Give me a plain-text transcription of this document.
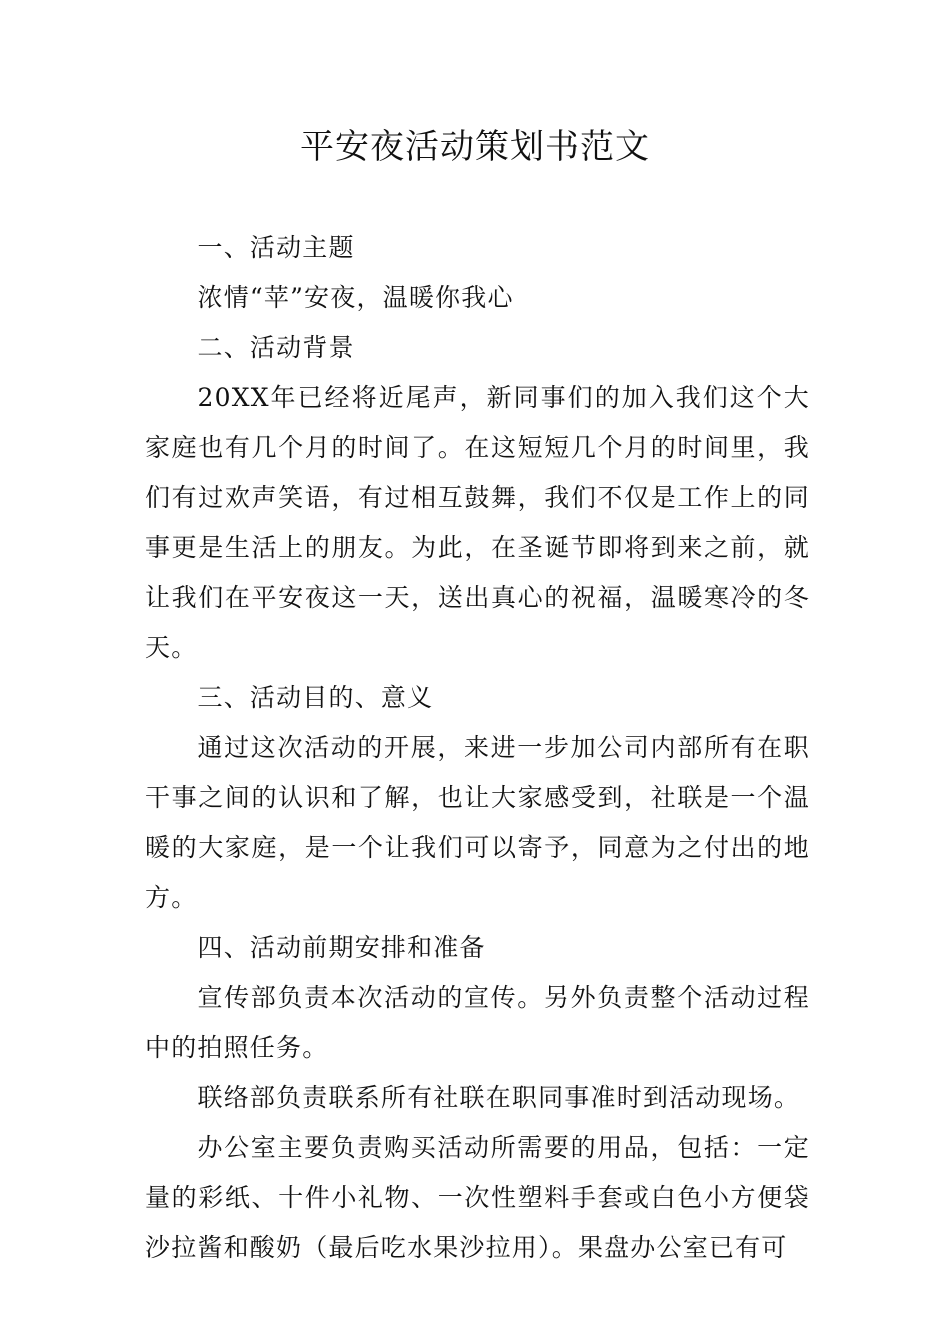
平安夜活动策划书范文

一、活动主题

浓情“苹”安夜，温暖你我心

二、活动背景

20XX年已经将近尾声，新同事们的加入我们这个大家庭也有几个月的时间了。在这短短几个月的时间里，我们有过欢声笑语，有过相互鼓舞，我们不仅是工作上的同事更是生活上的朋友。为此，在圣诞节即将到来之前，就让我们在平安夜这一天，送出真心的祝福，温暖寒冷的冬天。

三、活动目的、意义

通过这次活动的开展，来进一步加公司内部所有在职干事之间的认识和了解，也让大家感受到，社联是一个温暖的大家庭，是一个让我们可以寄予，同意为之付出的地方。

四、活动前期安排和准备

宣传部负责本次活动的宣传。另外负责整个活动过程中的拍照任务。

联络部负责联系所有社联在职同事准时到活动现场。

办公室主要负责购买活动所需要的用品，包括：一定量的彩纸、十件小礼物、一次性塑料手套或白色小方便袋沙拉酱和酸奶（最后吃水果沙拉用）。果盘办公室已有可
